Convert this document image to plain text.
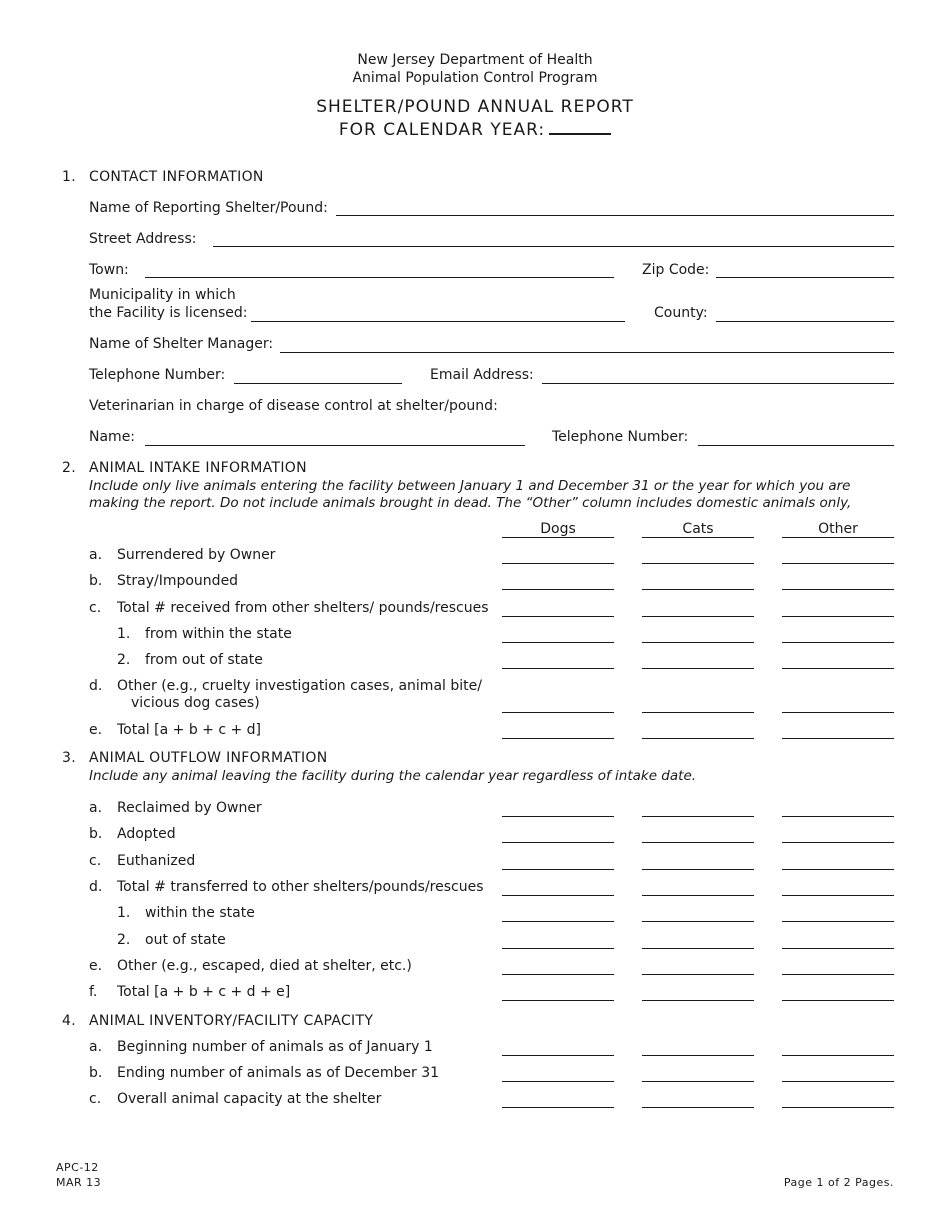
New Jersey Department of Health
Animal Population Control Program
SHELTER/POUND ANNUAL REPORT
FOR CALENDAR YEAR:
1. CONTACT INFORMATION
Name of Reporting Shelter/Pound:
Street Address:
Town:	Zip Code:
Municipality in which
the Facility is licensed:	County:
Name of Shelter Manager:
Telephone Number:	Email Address:
Veterinarian in charge of disease control at shelter/pound:
Name:	Telephone Number:
2. ANIMAL INTAKE INFORMATION
Include only live animals entering the facility between January 1 and December 31 or the year for which you are
making the report. Do not include animals brought in dead. The “Other” column includes domestic animals only,
Dogs	Cats	Other
a. Surrendered by Owner
b. Stray/Impounded
c. Total # received from other shelters/ pounds/rescues
1. from within the state
2. from out of state
d. Other (e.g., cruelty investigation cases, animal bite/
vicious dog cases)
e. Total [a + b + c + d]
3. ANIMAL OUTFLOW INFORMATION
Include any animal leaving the facility during the calendar year regardless of intake date.
a. Reclaimed by Owner
b. Adopted
c. Euthanized
d. Total # transferred to other shelters/pounds/rescues
1. within the state
2. out of state
e. Other (e.g., escaped, died at shelter, etc.)
f. Total [a + b + c + d + e]
4. ANIMAL INVENTORY/FACILITY CAPACITY
a. Beginning number of animals as of January 1
b. Ending number of animals as of December 31
c. Overall animal capacity at the shelter
APC-12
MAR 13	Page 1 of 2 Pages.
